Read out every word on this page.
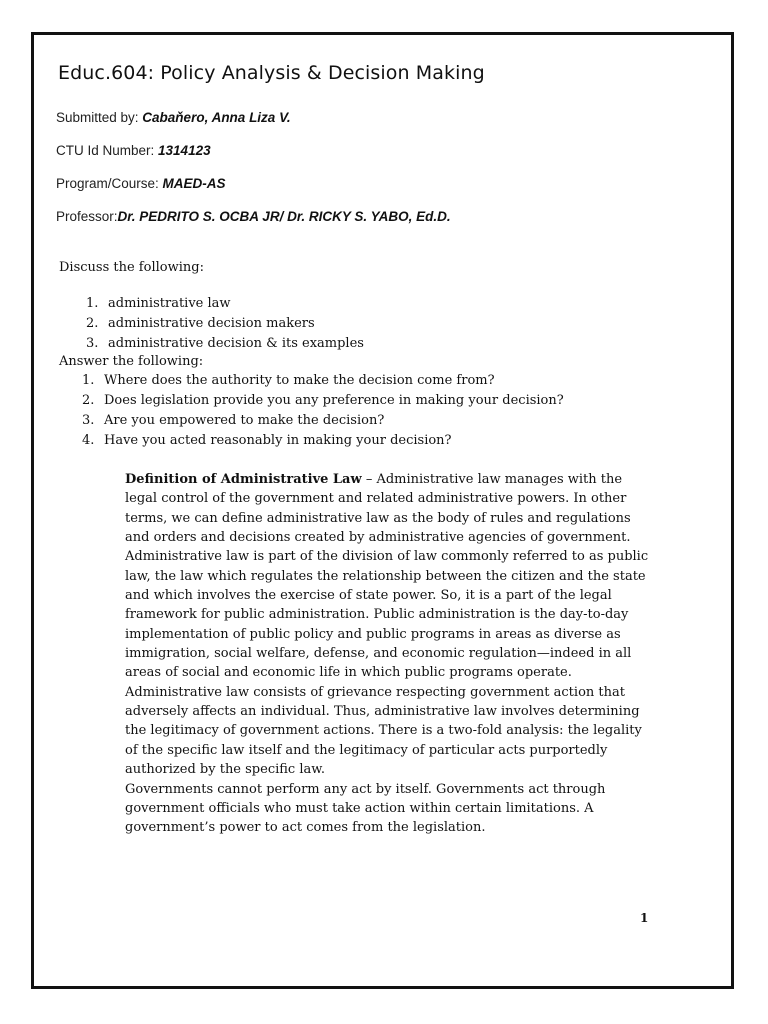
Educ.604: Policy Analysis & Decision Making
Submitted by: Cabaňero, Anna Liza V.
CTU Id Number: 1314123
Program/Course: MAED-AS
Professor:Dr. PEDRITO S. OCBA JR/ Dr. RICKY S. YABO, Ed.D.
Discuss the following:
1. administrative law
2. administrative decision makers
3. administrative decision & its examples
Answer the following:
1. Where does the authority to make the decision come from?
2. Does legislation provide you any preference in making your decision?
3. Are you empowered to make the decision?
4. Have you acted reasonably in making your decision?

Definition of Administrative Law – Administrative law manages with the legal control of the government and related administrative powers. In other terms, we can define administrative law as the body of rules and regulations and orders and decisions created by administrative agencies of government.

Administrative law is part of the division of law commonly referred to as public law, the law which regulates the relationship between the citizen and the state and which involves the exercise of state power. So, it is a part of the legal framework for public administration. Public administration is the day-to-day implementation of public policy and public programs in areas as diverse as immigration, social welfare, defense, and economic regulation—indeed in all areas of social and economic life in which public programs operate.

Administrative law consists of grievance respecting government action that adversely affects an individual. Thus, administrative law involves determining the legitimacy of government actions. There is a two-fold analysis: the legality of the specific law itself and the legitimacy of particular acts purportedly authorized by the specific law.

Governments cannot perform any act by itself. Governments act through government officials who must take action within certain limitations. A government’s power to act comes from the legislation.

1
